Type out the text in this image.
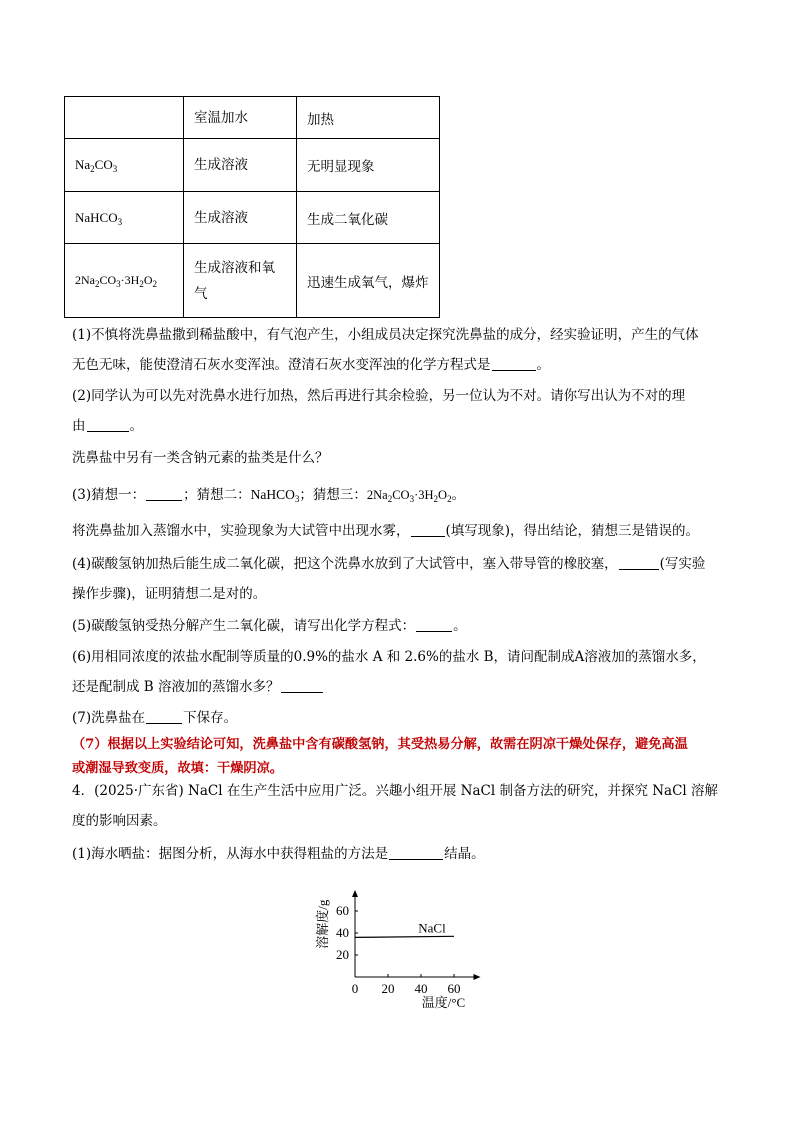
	室温加水	加热
$Na_2CO_3$	生成溶液	无明显现象
NaHCO$_3$	生成溶液	生成二氧化碳
$2Na_2CO_3\cdot 3H_2O_2$	生成溶液和氧气	迅速生成氧气，爆炸

(1)不慎将洗鼻盐撒到稀盐酸中，有气泡产生，小组成员决定探究洗鼻盐的成分，经实验证明，产生的气体
无色无味，能使澄清石灰水变浑浊。澄清石灰水变浑浊的化学方程式是	。

(2)同学认为可以先对洗鼻水进行加热，然后再进行其余检验，另一位认为不对。请你写出认为不对的理
由	。

洗鼻盐中另有一类含钠元素的盐类是什么？

(3)猜想一：	；猜想二：NaHCO$_3$；猜想三：$2Na_2CO_3\cdot 3H_2O_2$。

将洗鼻盐加入蒸馏水中，实验现象为大试管中出现水雾，	(填写现象)，得出结论，猜想三是错误的。

(4)碳酸氢钠加热后能生成二氧化碳，把这个洗鼻水放到了大试管中，塞入带导管的橡胶塞，	(写实验
操作步骤)，证明猜想二是对的。

(5)碳酸氢钠受热分解产生二氧化碳，请写出化学方程式：	。

(6)用相同浓度的浓盐水配制等质量的0.9%的盐水 A 和 2.6%的盐水 B，请问配制成A溶液加的蒸馏水多，
还是配制成 B 溶液加的蒸馏水多？

(7)洗鼻盐在	下保存。

（7）根据以上实验结论可知，洗鼻盐中含有碳酸氢钠，其受热易分解，故需在阴凉干燥处保存，避免高温
或潮湿导致变质，故填：干燥阴凉。

4．(2025·广东省) NaCl 在生产生活中应用广泛。兴趣小组开展 NaCl 制备方法的研究，并探究 NaCl 溶解
度的影响因素。

(1)海水晒盐：据图分析，从海水中获得粗盐的方法是	结晶。

0 20 40 60
20
40
60
温度/°C
溶解度/g	NaCl
